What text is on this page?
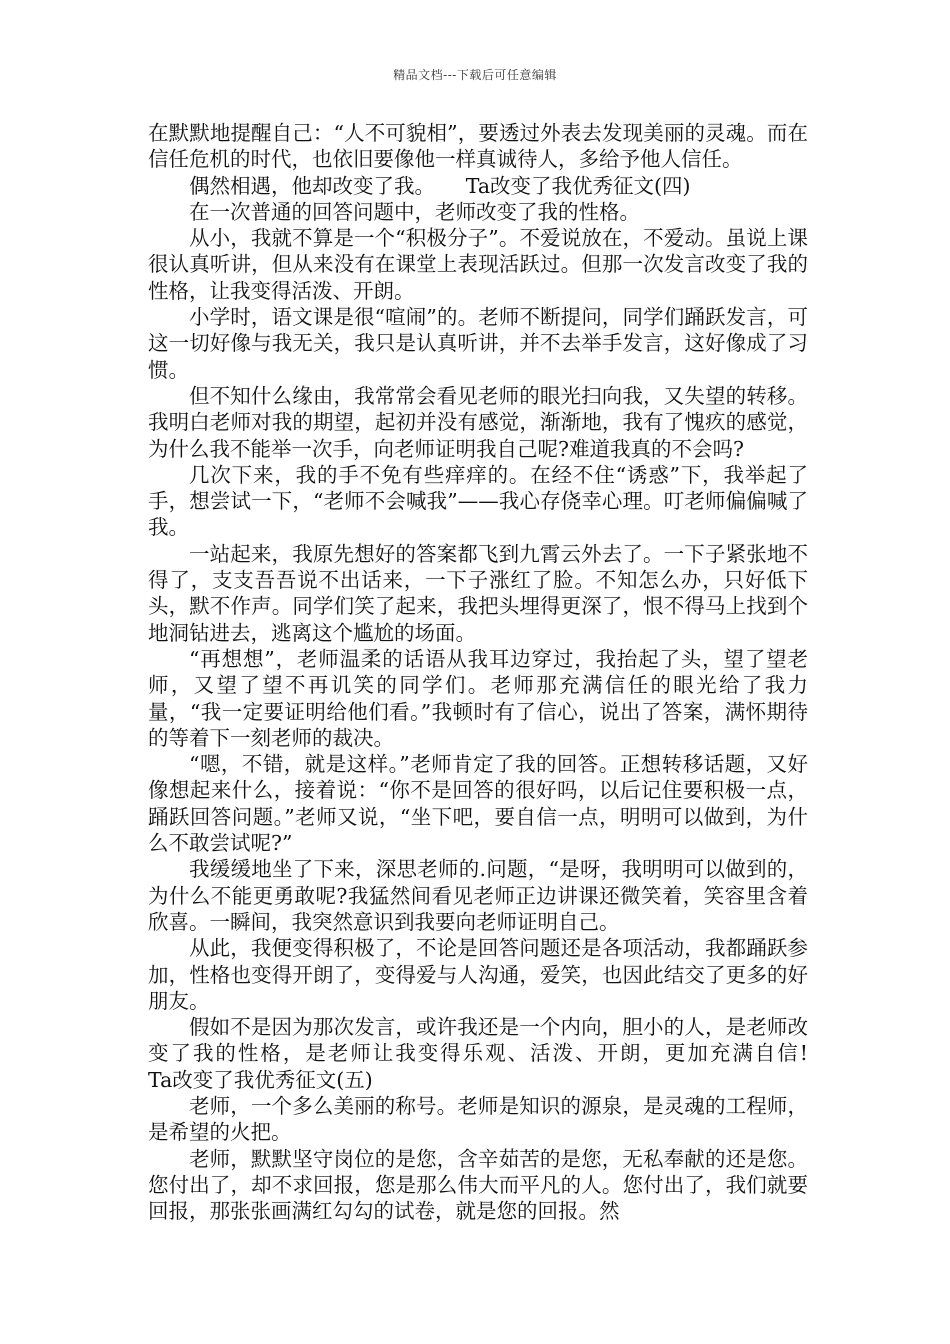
精品文档---下载后可任意编辑

在默默地提醒自己：“人不可貌相”，要透过外表去发现美丽的灵魂。而在信任危机的时代，也依旧要像他一样真诚待人，多给予他人信任。

偶然相遇，他却改变了我。　　Ta改变了我优秀征文(四)

在一次普通的回答问题中，老师改变了我的性格。

从小，我就不算是一个“积极分子”。不爱说放在，不爱动。虽说上课很认真听讲，但从来没有在课堂上表现活跃过。但那一次发言改变了我的性格，让我变得活泼、开朗。

小学时，语文课是很“喧闹”的。老师不断提问，同学们踊跃发言，可这一切好像与我无关，我只是认真听讲，并不去举手发言，这好像成了习惯。

但不知什么缘由，我常常会看见老师的眼光扫向我，又失望的转移。我明白老师对我的期望，起初并没有感觉，渐渐地，我有了愧疚的感觉，为什么我不能举一次手，向老师证明我自己呢?难道我真的不会吗?

几次下来，我的手不免有些痒痒的。在经不住“诱惑”下，我举起了手，想尝试一下，“老师不会喊我”——我心存侥幸心理。叮老师偏偏喊了我。

一站起来，我原先想好的答案都飞到九霄云外去了。一下子紧张地不得了，支支吾吾说不出话来，一下子涨红了脸。不知怎么办，只好低下头，默不作声。同学们笑了起来，我把头埋得更深了，恨不得马上找到个地洞钻进去，逃离这个尴尬的场面。

“再想想”，老师温柔的话语从我耳边穿过，我抬起了头，望了望老师，又望了望不再讥笑的同学们。老师那充满信任的眼光给了我力量，“我一定要证明给他们看。”我顿时有了信心，说出了答案，满怀期待的等着下一刻老师的裁决。

“嗯，不错，就是这样。”老师肯定了我的回答。正想转移话题，又好像想起来什么，接着说：“你不是回答的很好吗，以后记住要积极一点，踊跃回答问题。”老师又说，“坐下吧，要自信一点，明明可以做到，为什么不敢尝试呢?”

我缓缓地坐了下来，深思老师的.问题，“是呀，我明明可以做到的，为什么不能更勇敢呢?我猛然间看见老师正边讲课还微笑着，笑容里含着欣喜。一瞬间，我突然意识到我要向老师证明自己。

从此，我便变得积极了，不论是回答问题还是各项活动，我都踊跃参加，性格也变得开朗了，变得爱与人沟通，爱笑，也因此结交了更多的好朋友。

假如不是因为那次发言，或许我还是一个内向，胆小的人，是老师改变了我的性格，是老师让我变得乐观、活泼、开朗，更加充满自信!　　Ta改变了我优秀征文(五)

老师，一个多么美丽的称号。老师是知识的源泉，是灵魂的工程师，是希望的火把。

老师，默默坚守岗位的是您，含辛茹苦的是您，无私奉献的还是您。您付出了，却不求回报，您是那么伟大而平凡的人。您付出了，我们就要回报，那张张画满红勾勾的试卷，就是您的回报。然
